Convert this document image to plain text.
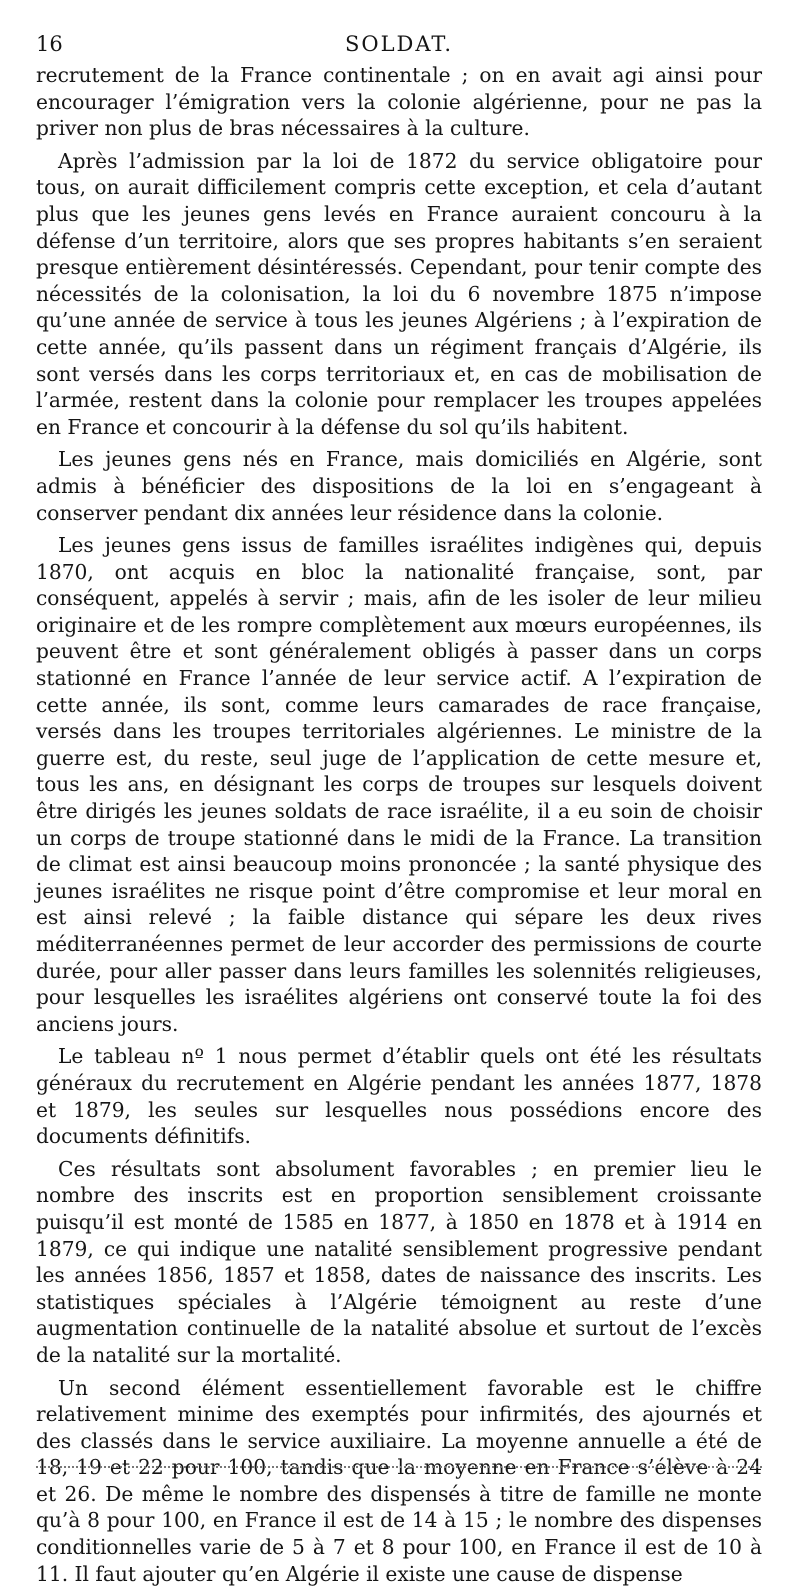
16	SOLDAT.

recrutement de la France continentale ; on en avait agi ainsi pour encourager l’émigration vers la colonie algérienne, pour ne pas la priver non plus de bras nécessaires à la culture.

Après l’admission par la loi de 1872 du service obligatoire pour tous, on aurait difficilement compris cette exception, et cela d’autant plus que les jeunes gens levés en France auraient concouru à la défense d’un territoire, alors que ses propres habitants s’en seraient presque entièrement désintéressés. Cependant, pour tenir compte des nécessités de la colonisation, la loi du 6 novembre 1875 n’impose qu’une année de service à tous les jeunes Algériens ; à l’expiration de cette année, qu’ils passent dans un régiment français d’Algérie, ils sont versés dans les corps territoriaux et, en cas de mobilisation de l’armée, restent dans la colonie pour remplacer les troupes appelées en France et concourir à la défense du sol qu’ils habitent.

Les jeunes gens nés en France, mais domiciliés en Algérie, sont admis à bénéficier des dispositions de la loi en s’engageant à conserver pendant dix années leur résidence dans la colonie.

Les jeunes gens issus de familles israélites indigènes qui, depuis 1870, ont acquis en bloc la nationalité française, sont, par conséquent, appelés à servir ; mais, afin de les isoler de leur milieu originaire et de les rompre complètement aux mœurs européennes, ils peuvent être et sont généralement obligés à passer dans un corps stationné en France l’année de leur service actif. A l’expiration de cette année, ils sont, comme leurs camarades de race française, versés dans les troupes territoriales algériennes. Le ministre de la guerre est, du reste, seul juge de l’application de cette mesure et, tous les ans, en désignant les corps de troupes sur lesquels doivent être dirigés les jeunes soldats de race israélite, il a eu soin de choisir un corps de troupe stationné dans le midi de la France. La transition de climat est ainsi beaucoup moins prononcée ; la santé physique des jeunes israélites ne risque point d’être compromise et leur moral en est ainsi relevé ; la faible distance qui sépare les deux rives méditerranéennes permet de leur accorder des permissions de courte durée, pour aller passer dans leurs familles les solennités religieuses, pour lesquelles les israélites algériens ont conservé toute la foi des anciens jours.

Le tableau nº 1 nous permet d’établir quels ont été les résultats généraux du recrutement en Algérie pendant les années 1877, 1878 et 1879, les seules sur lesquelles nous possédions encore des documents définitifs.

Ces résultats sont absolument favorables ; en premier lieu le nombre des inscrits est en proportion sensiblement croissante puisqu’il est monté de 1585 en 1877, à 1850 en 1878 et à 1914 en 1879, ce qui indique une natalité sensiblement progressive pendant les années 1856, 1857 et 1858, dates de naissance des inscrits. Les statistiques spéciales à l’Algérie témoignent au reste d’une augmentation continuelle de la natalité absolue et surtout de l’excès de la natalité sur la mortalité.

Un second élément essentiellement favorable est le chiffre relativement minime des exemptés pour infirmités, des ajournés et des classés dans le service auxiliaire. La moyenne annuelle a été de 18, 19 et 22 pour 100, tandis que la moyenne en France s’élève à 24 et 26. De même le nombre des dispensés à titre de famille ne monte qu’à 8 pour 100, en France il est de 14 à 15 ; le nombre des dispenses conditionnelles varie de 5 à 7 et 8 pour 100, en France il est de 10 à 11. Il faut ajouter qu’en Algérie il existe une cause de dispense
